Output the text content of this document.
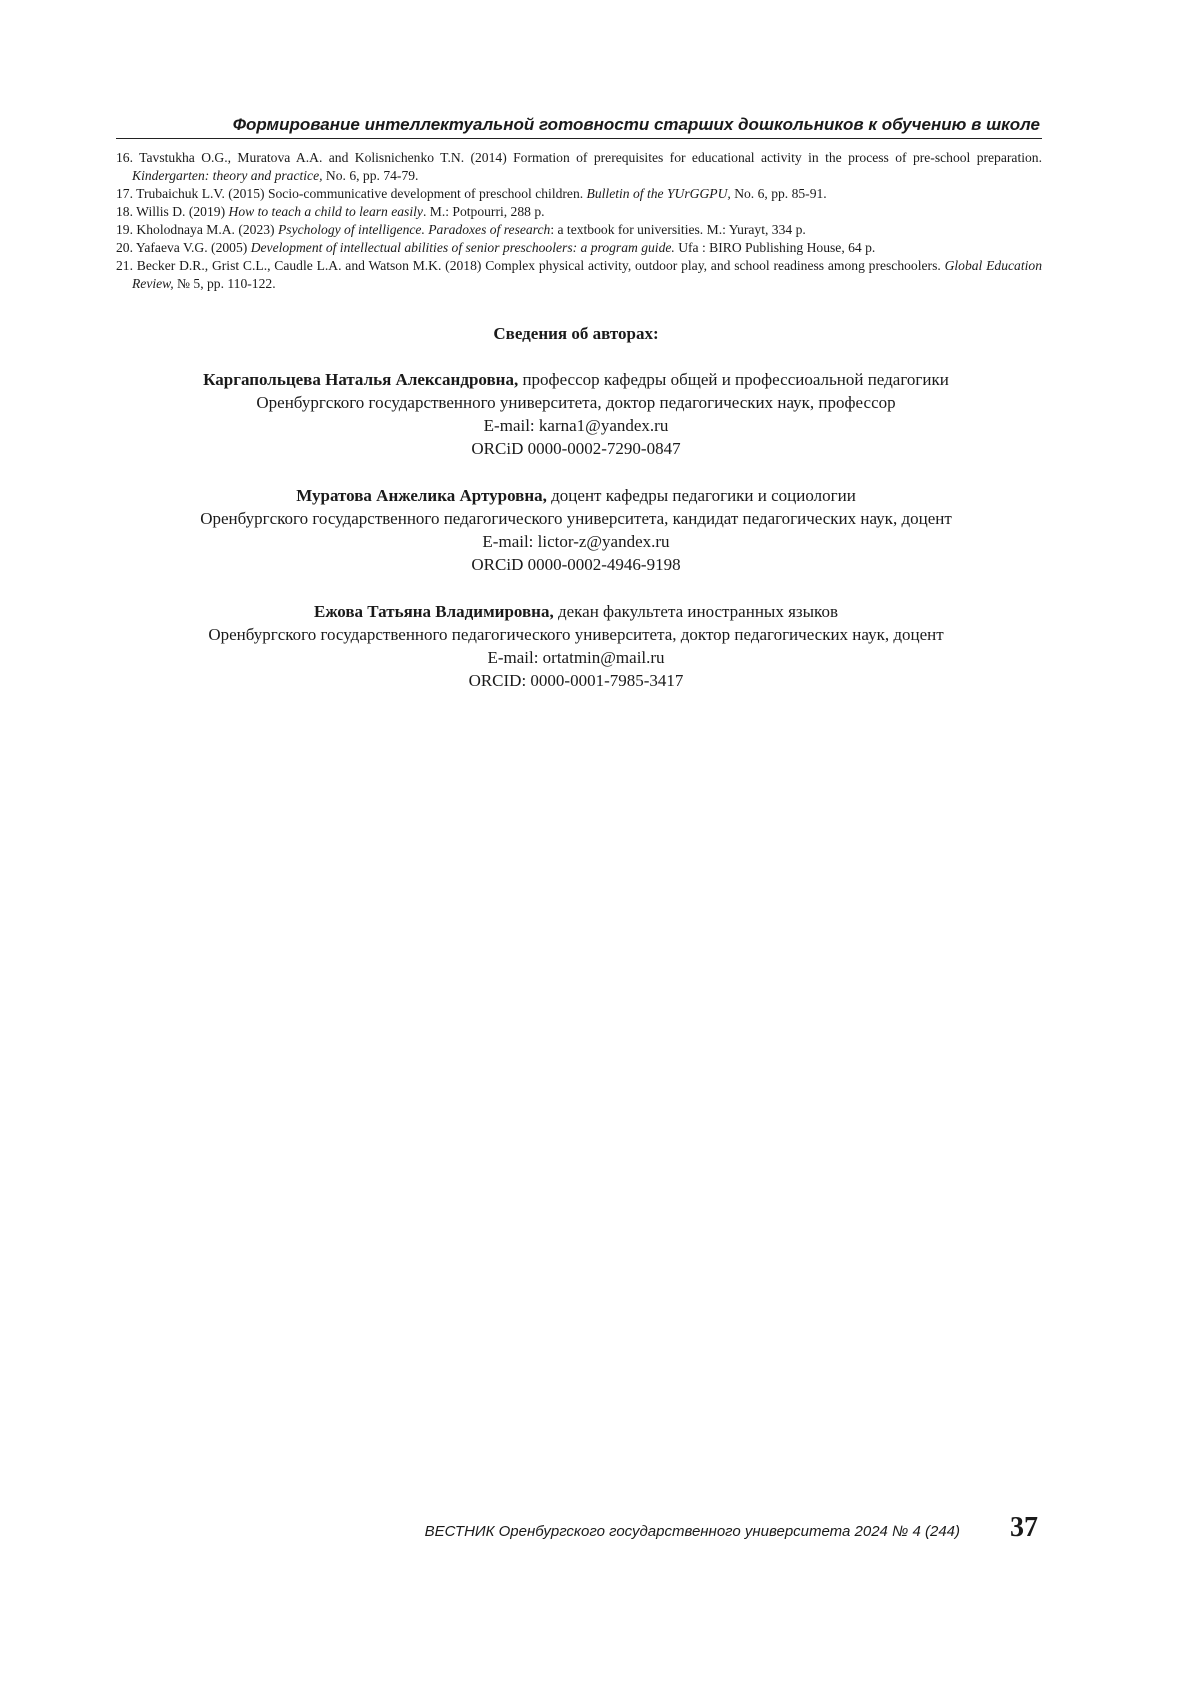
Формирование интеллектуальной готовности старших дошкольников к обучению в школе
16. Tavstukha O.G., Muratova A.A. and Kolisnichenko T.N. (2014) Formation of prerequisites for educational activity in the process of pre-school preparation. Kindergarten: theory and practice, No. 6, pp. 74-79.
17. Trubaichuk L.V. (2015) Socio-communicative development of preschool children. Bulletin of the YUrGGPU, No. 6, pp. 85-91.
18. Willis D. (2019) How to teach a child to learn easily. M.: Potpourri, 288 p.
19. Kholodnaya M.A. (2023) Psychology of intelligence. Paradoxes of research: a textbook for universities. M.: Yurayt, 334 p.
20. Yafaeva V.G. (2005) Development of intellectual abilities of senior preschoolers: a program guide. Ufa : BIRO Publishing House, 64 p.
21. Becker D.R., Grist C.L., Caudle L.A. and Watson M.K. (2018) Complex physical activity, outdoor play, and school readiness among preschoolers. Global Education Review, № 5, pp. 110-122.
Сведения об авторах:
Каргапольцева Наталья Александровна, профессор кафедры общей и профессиоальной педагогики
Оренбургского государственного университета, доктор педагогических наук, профессор
E-mail: karna1@yandex.ru
ORCiD 0000-0002-7290-0847
Муратова Анжелика Артуровна, доцент кафедры педагогики и социологии
Оренбургского государственного педагогического университета, кандидат педагогических наук, доцент
E-mail: lictor-z@yandex.ru
ORCiD 0000-0002-4946-9198
Ежова Татьяна Владимировна, декан факультета иностранных языков
Оренбургского государственного педагогического университета, доктор педагогических наук, доцент
E-mail: ortatmin@mail.ru
ORCID: 0000-0001-7985-3417
ВЕСТНИК Оренбургского государственного университета 2024 № 4 (244) 37
